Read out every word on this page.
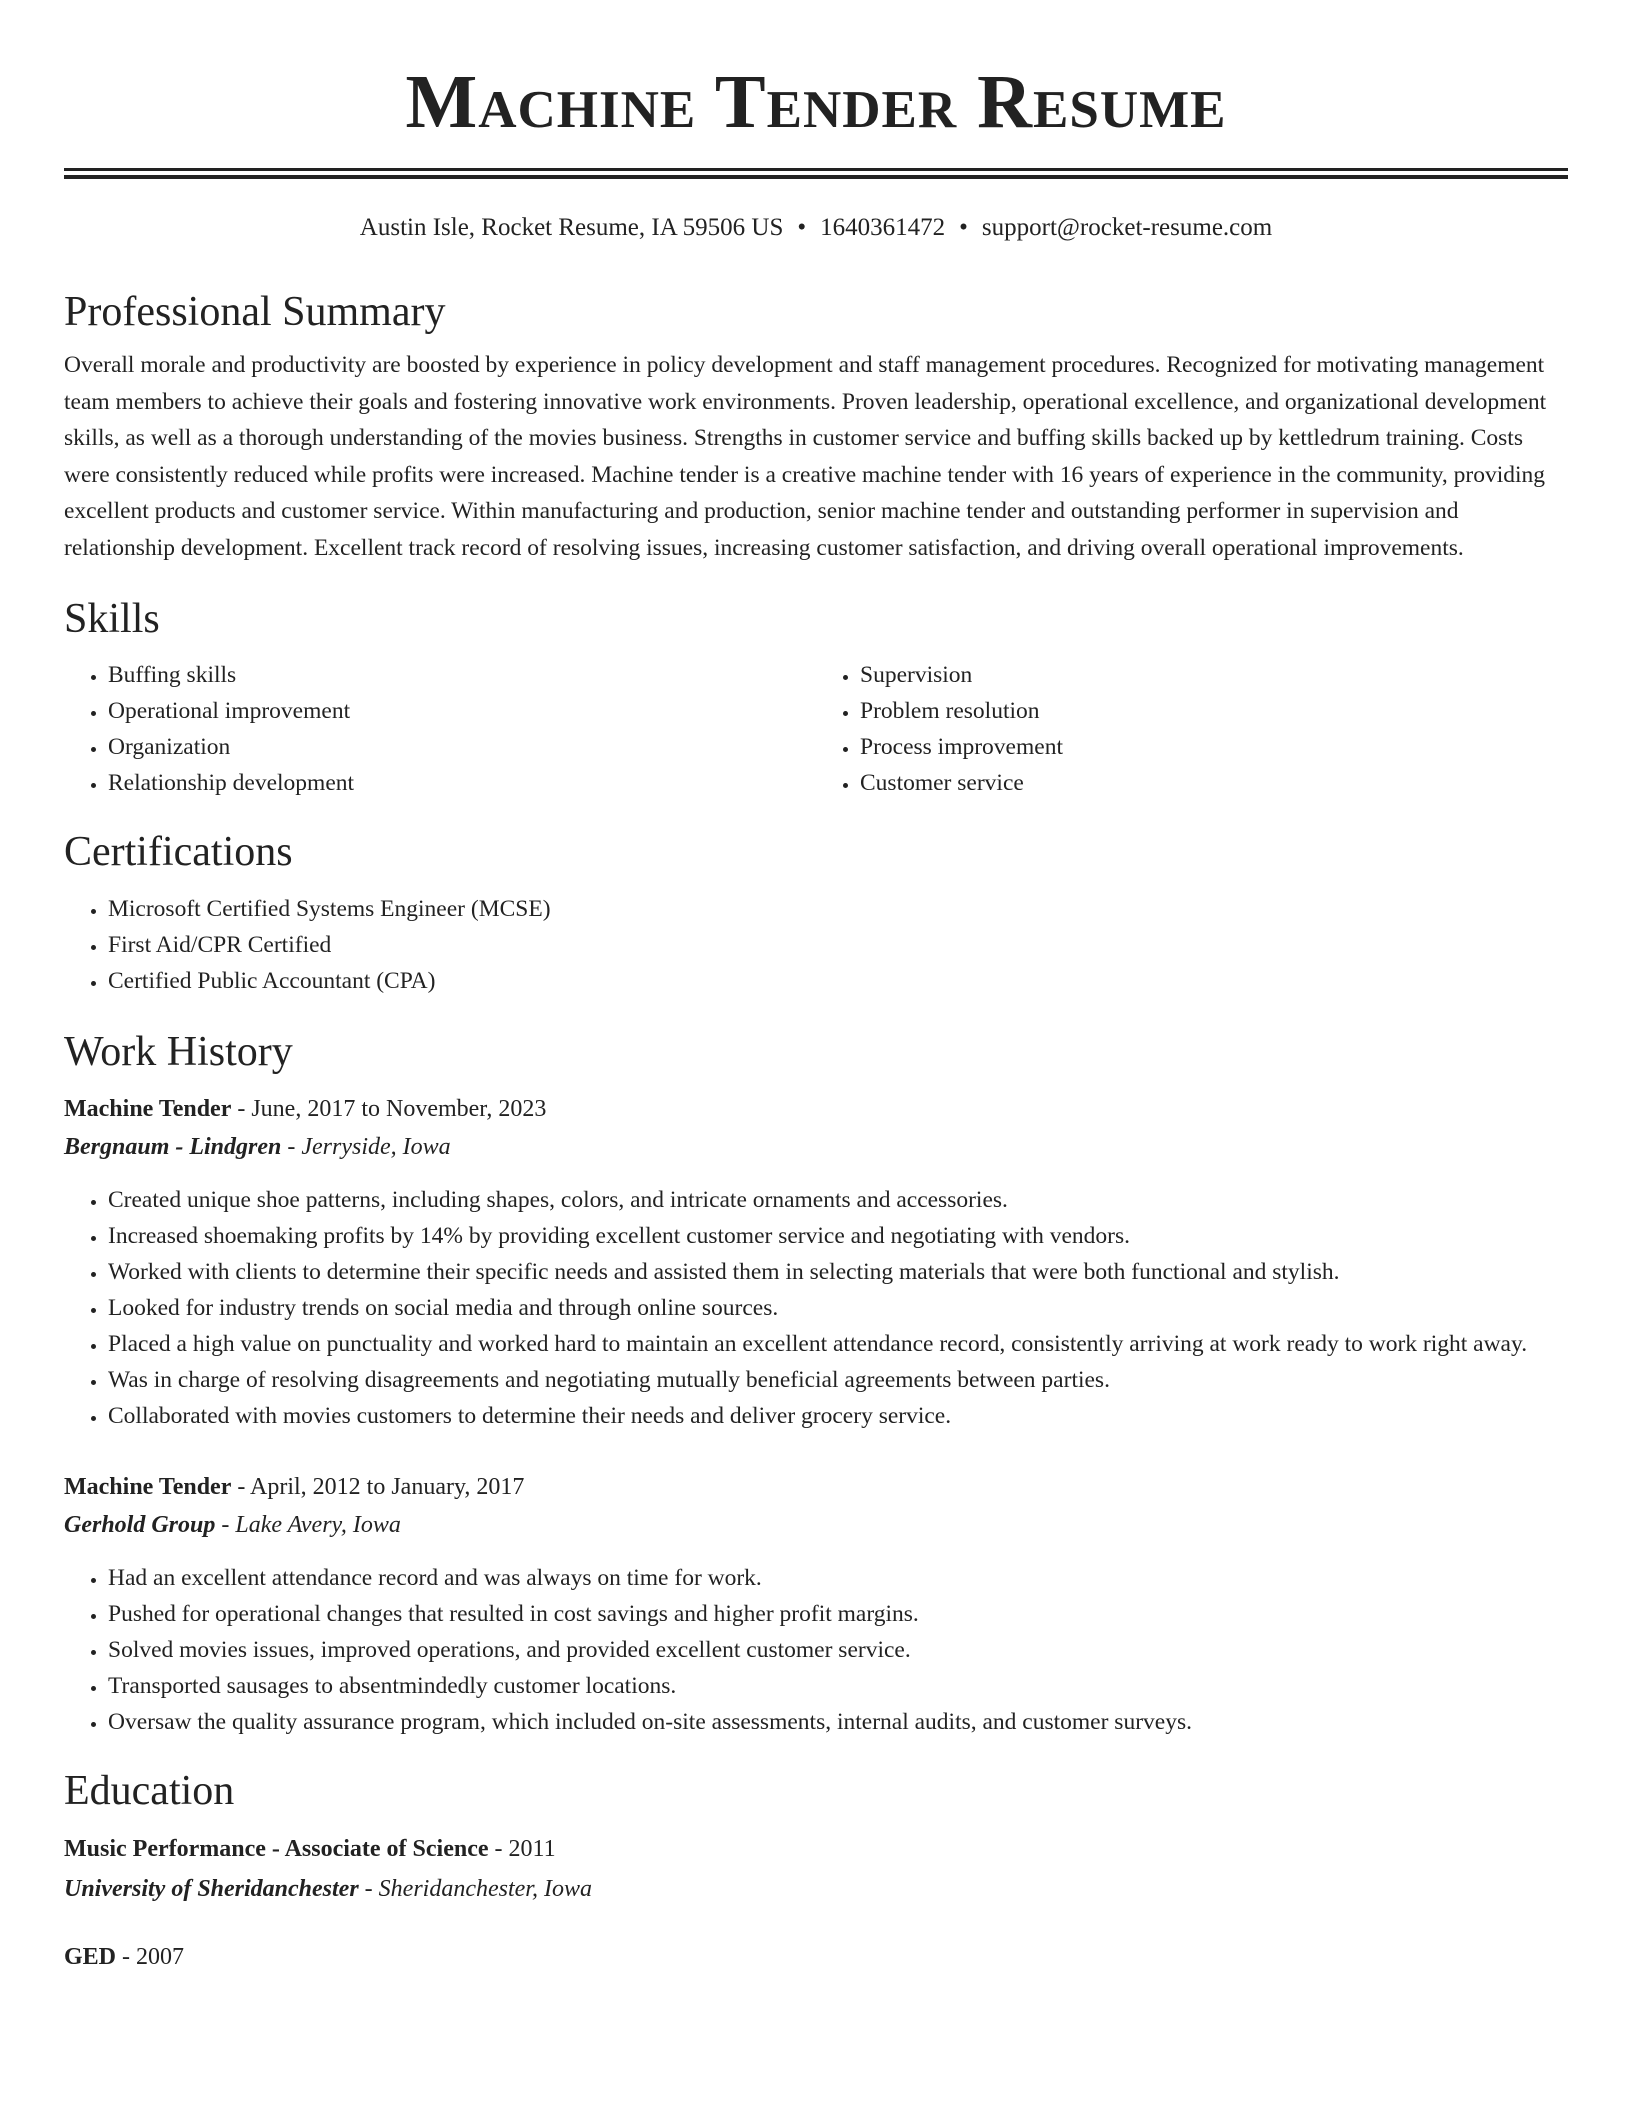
Machine Tender Resume
Austin Isle, Rocket Resume, IA 59506 US • 1640361472 • support@rocket-resume.com
Professional Summary

Overall morale and productivity are boosted by experience in policy development and staff management procedures. Recognized for motivating management team members to achieve their goals and fostering innovative work environments. Proven leadership, operational excellence, and organizational development skills, as well as a thorough understanding of the movies business. Strengths in customer service and buffing skills backed up by kettledrum training. Costs were consistently reduced while profits were increased. Machine tender is a creative machine tender with 16 years of experience in the community, providing excellent products and customer service. Within manufacturing and production, senior machine tender and outstanding performer in supervision and relationship development. Excellent track record of resolving issues, increasing customer satisfaction, and driving overall operational improvements.

Skills
• Buffing skills
• Operational improvement
• Organization
• Relationship development
• Supervision
• Problem resolution
• Process improvement
• Customer service
Certifications
• Microsoft Certified Systems Engineer (MCSE)
• First Aid/CPR Certified
• Certified Public Accountant (CPA)
Work History
Machine Tender - June, 2017 to November, 2023
Bergnaum - Lindgren - Jerryside, Iowa
• Created unique shoe patterns, including shapes, colors, and intricate ornaments and accessories.
• Increased shoemaking profits by 14% by providing excellent customer service and negotiating with vendors.
• Worked with clients to determine their specific needs and assisted them in selecting materials that were both functional and stylish.
• Looked for industry trends on social media and through online sources.
• Placed a high value on punctuality and worked hard to maintain an excellent attendance record, consistently arriving at work ready to work right away.
• Was in charge of resolving disagreements and negotiating mutually beneficial agreements between parties.
• Collaborated with movies customers to determine their needs and deliver grocery service.
Machine Tender - April, 2012 to January, 2017
Gerhold Group - Lake Avery, Iowa
• Had an excellent attendance record and was always on time for work.
• Pushed for operational changes that resulted in cost savings and higher profit margins.
• Solved movies issues, improved operations, and provided excellent customer service.
• Transported sausages to absentmindedly customer locations.
• Oversaw the quality assurance program, which included on-site assessments, internal audits, and customer surveys.
Education
Music Performance - Associate of Science - 2011
University of Sheridanchester - Sheridanchester, Iowa
GED - 2007
